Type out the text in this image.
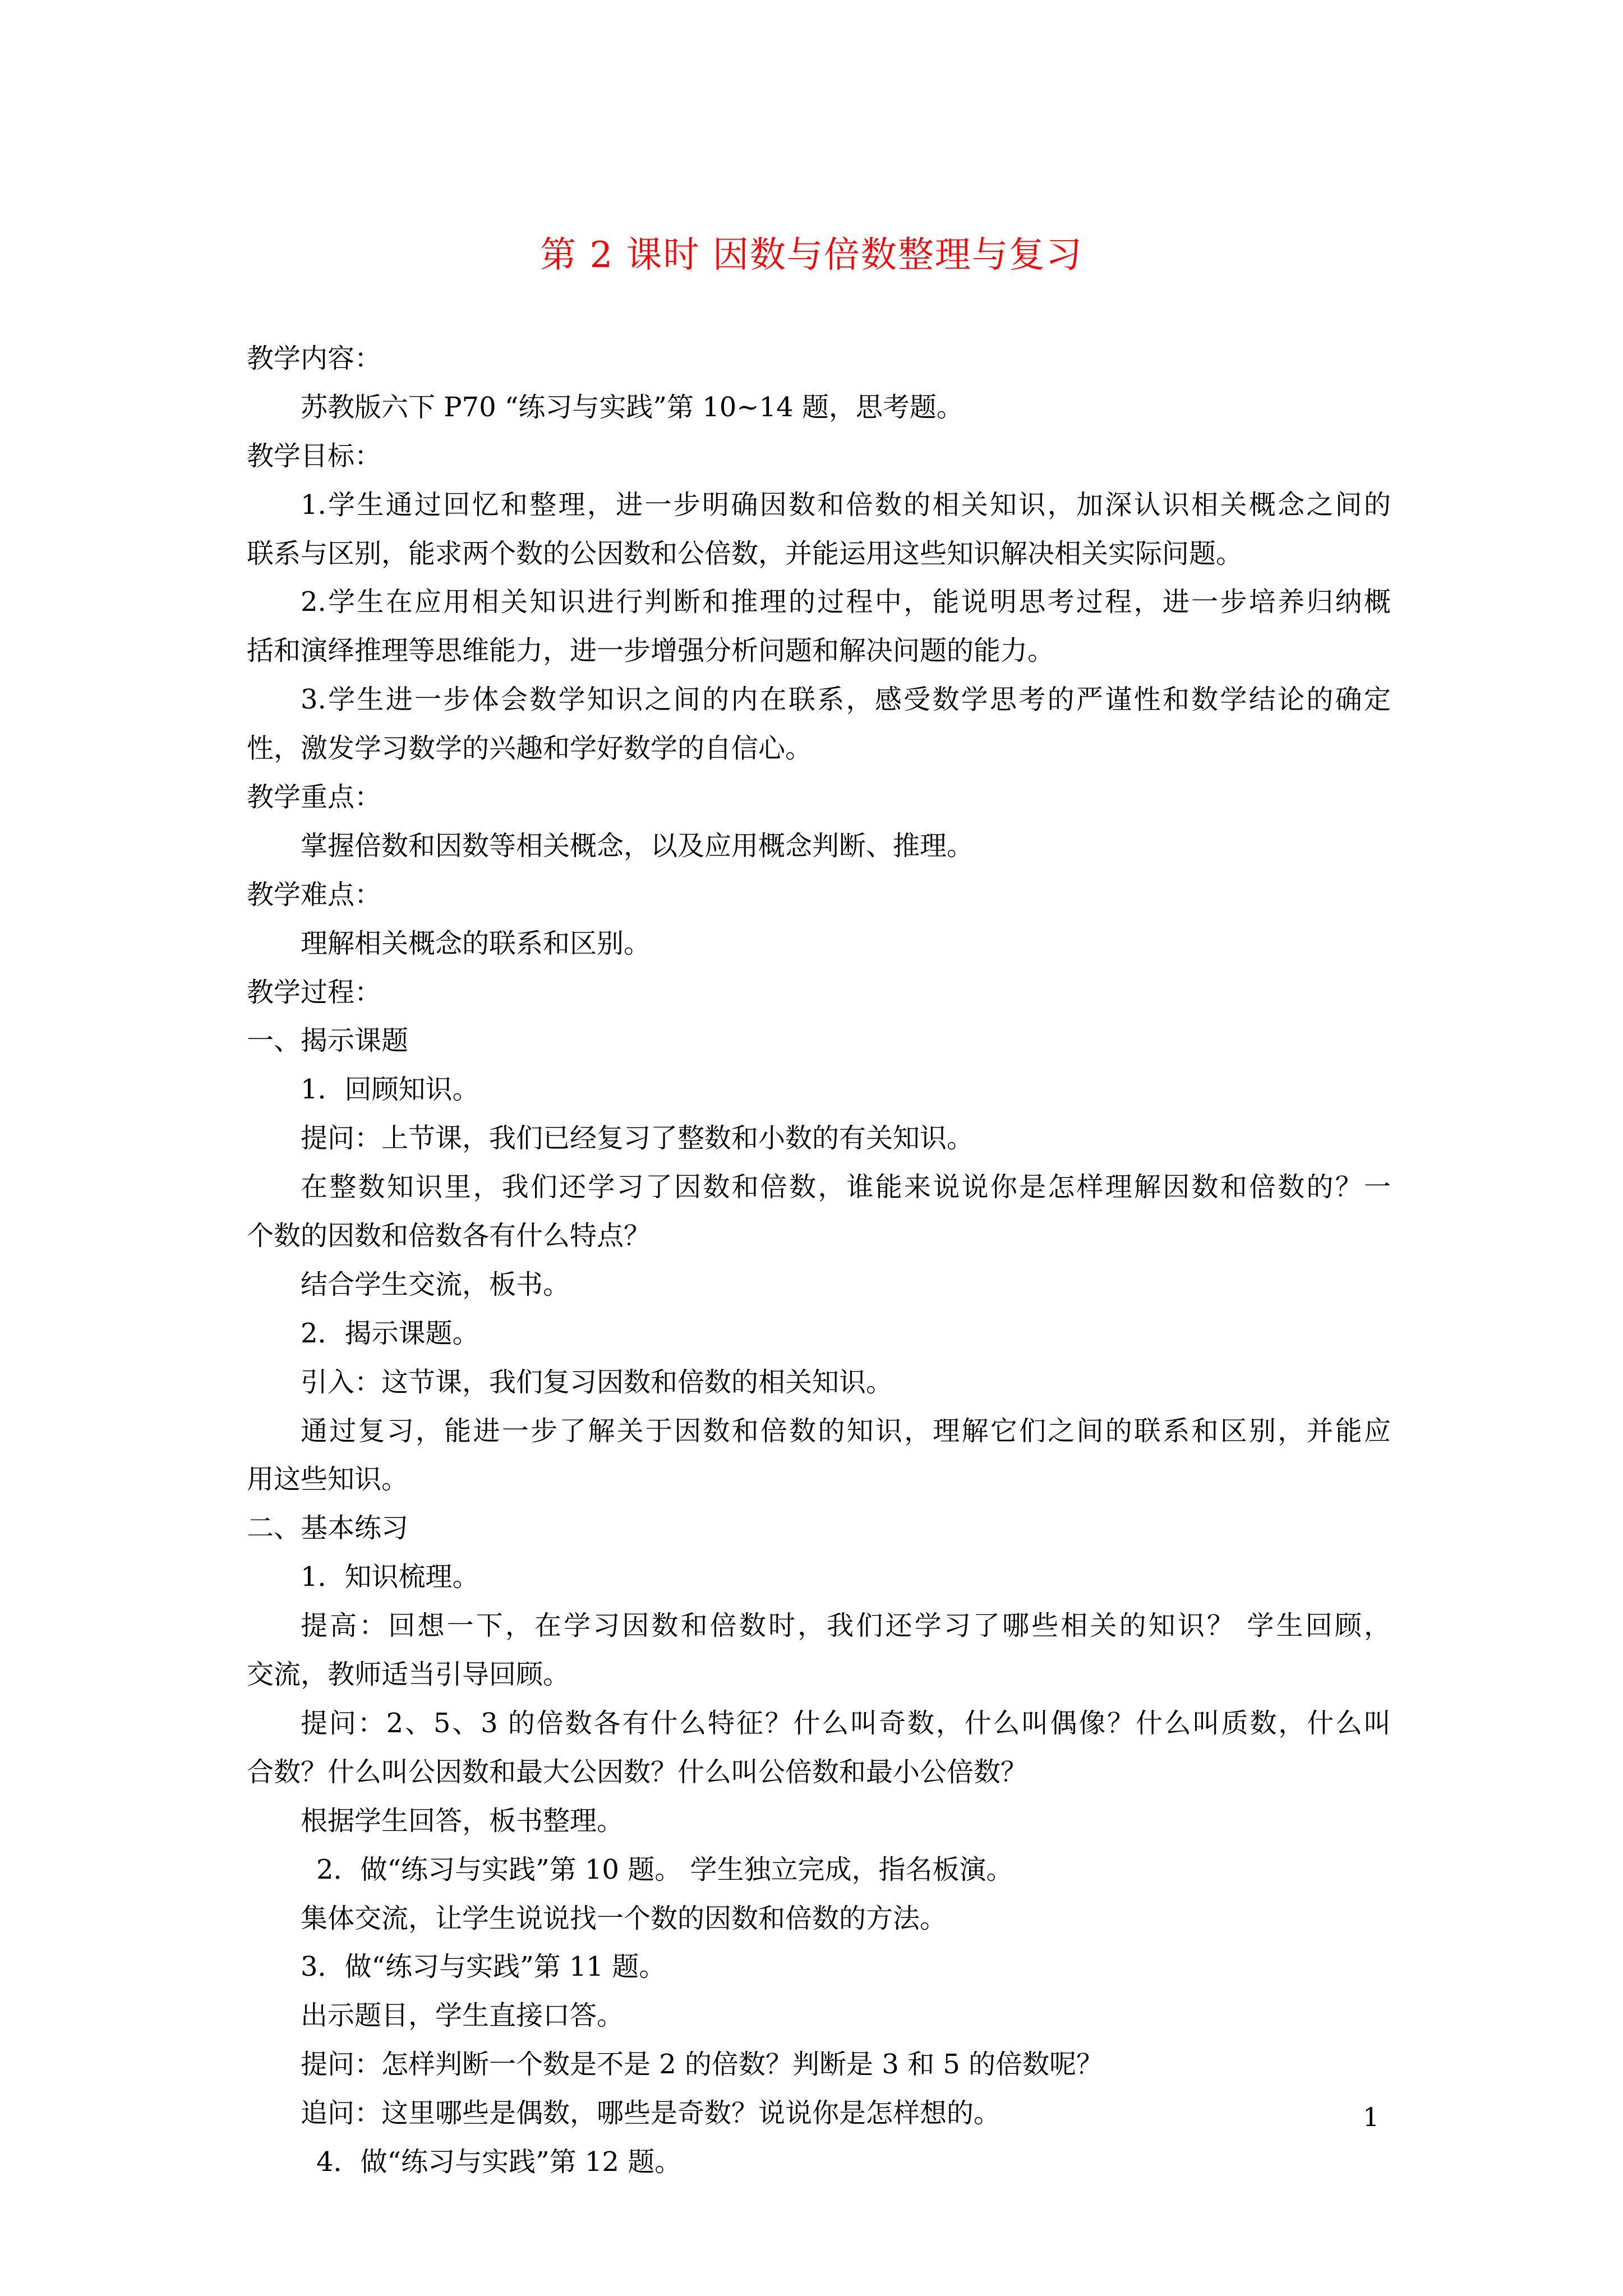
第 2 课时 因数与倍数整理与复习
教学内容：
苏教版六下 P70 “练习与实践”第 10~14 题，思考题。
教学目标：
1.学生通过回忆和整理，进一步明确因数和倍数的相关知识，加深认识相关概念之间的
联系与区别，能求两个数的公因数和公倍数，并能运用这些知识解决相关实际问题。
2.学生在应用相关知识进行判断和推理的过程中，能说明思考过程，进一步培养归纳概
括和演绎推理等思维能力，进一步增强分析问题和解决问题的能力。
3.学生进一步体会数学知识之间的内在联系，感受数学思考的严谨性和数学结论的确定
性，激发学习数学的兴趣和学好数学的自信心。
教学重点：
掌握倍数和因数等相关概念，以及应用概念判断、推理。
教学难点：
理解相关概念的联系和区别。
教学过程：
一、揭示课题
1．回顾知识。
提问：上节课，我们已经复习了整数和小数的有关知识。
在整数知识里，我们还学习了因数和倍数，谁能来说说你是怎样理解因数和倍数的？一
个数的因数和倍数各有什么特点？
结合学生交流，板书。
2．揭示课题。
引入：这节课，我们复习因数和倍数的相关知识。
通过复习，能进一步了解关于因数和倍数的知识，理解它们之间的联系和区别，并能应
用这些知识。
二、基本练习
1．知识梳理。
提高：回想一下，在学习因数和倍数时，我们还学习了哪些相关的知识？ 学生回顾，
交流，教师适当引导回顾。
提问：2、5、3 的倍数各有什么特征？什么叫奇数，什么叫偶像？什么叫质数，什么叫
合数？什么叫公因数和最大公因数？什么叫公倍数和最小公倍数？
根据学生回答，板书整理。
2．做“练习与实践”第 10 题。 学生独立完成，指名板演。
集体交流，让学生说说找一个数的因数和倍数的方法。
3．做“练习与实践”第 11 题。
出示题目，学生直接口答。
提问：怎样判断一个数是不是 2 的倍数？判断是 3 和 5 的倍数呢？
追问：这里哪些是偶数，哪些是奇数？说说你是怎样想的。
4．做“练习与实践”第 12 题。
1
